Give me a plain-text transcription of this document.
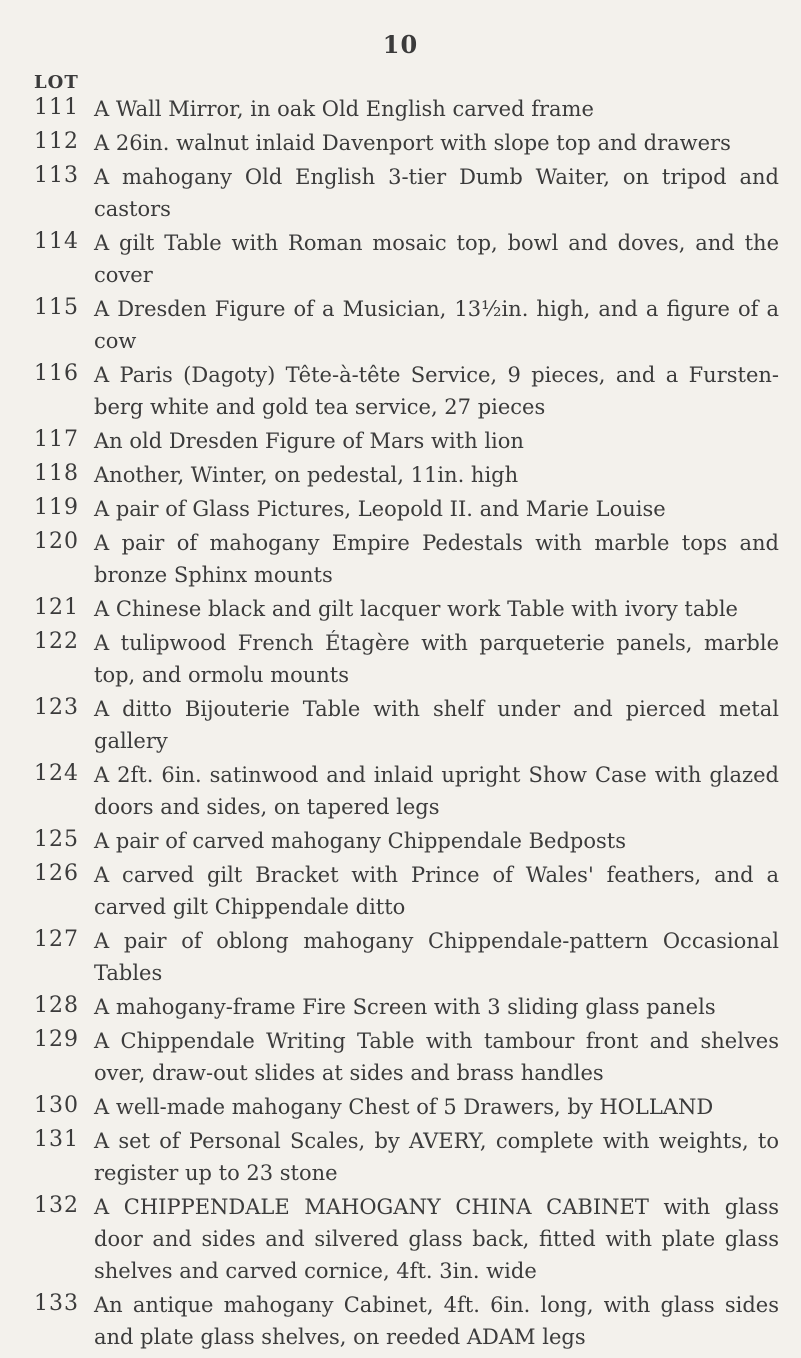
10
LOT
111 A Wall Mirror, in oak Old English carved frame
112 A 26in. walnut inlaid Davenport with slope top and drawers
113 A mahogany Old English 3-tier Dumb Waiter, on tripod and castors
114 A gilt Table with Roman mosaic top, bowl and doves, and the cover
115 A Dresden Figure of a Musician, 13½in. high, and a figure of a cow
116 A Paris (Dagoty) Tête-à-tête Service, 9 pieces, and a Fursten-berg white and gold tea service, 27 pieces
117 An old Dresden Figure of Mars with lion
118 Another, Winter, on pedestal, 11in. high
119 A pair of Glass Pictures, Leopold II. and Marie Louise
120 A pair of mahogany Empire Pedestals with marble tops and bronze Sphinx mounts
121 A Chinese black and gilt lacquer work Table with ivory table
122 A tulipwood French Étagère with parqueterie panels, marble top, and ormolu mounts
123 A ditto Bijouterie Table with shelf under and pierced metal gallery
124 A 2ft. 6in. satinwood and inlaid upright Show Case with glazed doors and sides, on tapered legs
125 A pair of carved mahogany Chippendale Bedposts
126 A carved gilt Bracket with Prince of Wales' feathers, and a carved gilt Chippendale ditto
127 A pair of oblong mahogany Chippendale-pattern Occasional Tables
128 A mahogany-frame Fire Screen with 3 sliding glass panels
129 A Chippendale Writing Table with tambour front and shelves over, draw-out slides at sides and brass handles
130 A well-made mahogany Chest of 5 Drawers, by HOLLAND
131 A set of Personal Scales, by AVERY, complete with weights, to register up to 23 stone
132 A CHIPPENDALE MAHOGANY CHINA CABINET with glass door and sides and silvered glass back, fitted with plate glass shelves and carved cornice, 4ft. 3in. wide
133 An antique mahogany Cabinet, 4ft. 6in. long, with glass sides and plate glass shelves, on reeded ADAM legs
